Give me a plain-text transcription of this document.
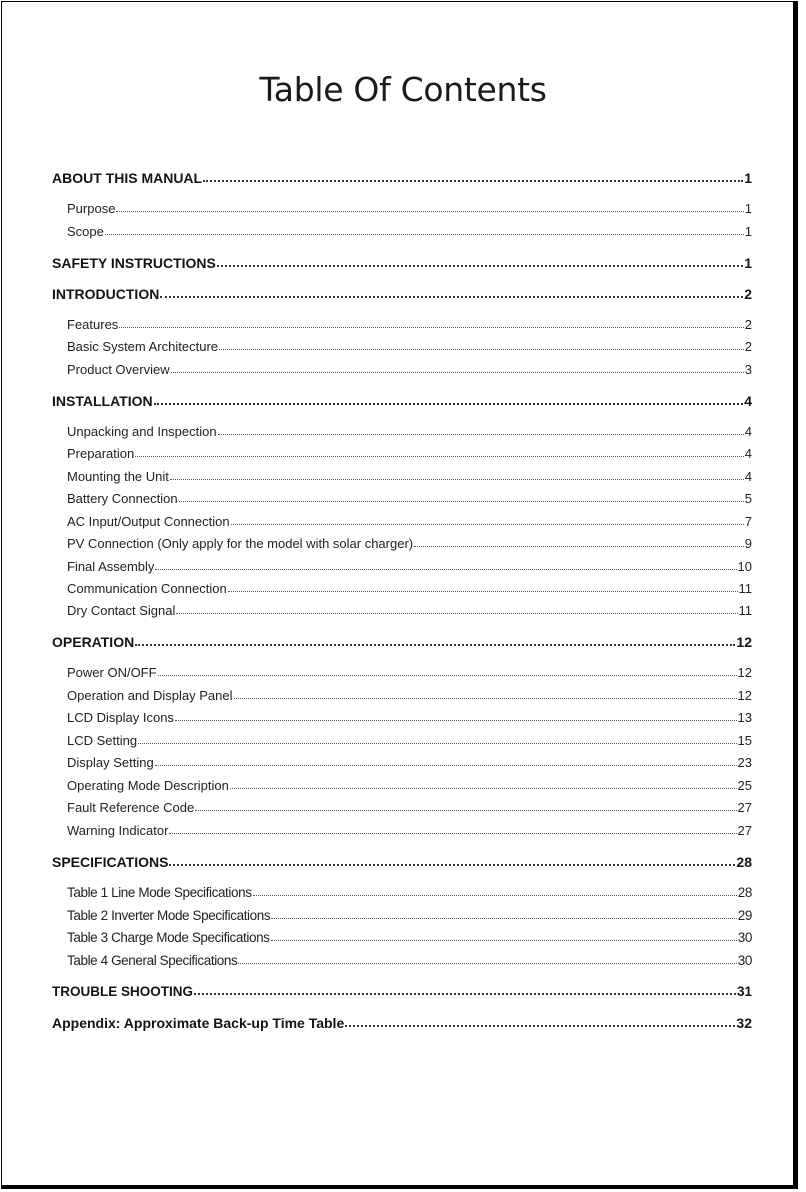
Table Of Contents
ABOUT THIS MANUAL	1
Purpose	1
Scope	1
SAFETY INSTRUCTIONS	1
INTRODUCTION	2
Features	2
Basic System Architecture	2
Product Overview	3
INSTALLATION	4
Unpacking and Inspection	4
Preparation	4
Mounting the Unit	4
Battery Connection	5
AC Input/Output Connection	7
PV Connection (Only apply for the model with solar charger)	9
Final Assembly	10
Communication Connection	11
Dry Contact Signal	11
OPERATION	12
Power ON/OFF	12
Operation and Display Panel	12
LCD Display Icons	13
LCD Setting	15
Display Setting	23
Operating Mode Description	25
Fault Reference Code	27
Warning Indicator	27
SPECIFICATIONS	28
Table 1 Line Mode Specifications	28
Table 2 Inverter Mode Specifications	29
Table 3 Charge Mode Specifications	30
Table 4 General Specifications	30
TROUBLE SHOOTING	31
Appendix: Approximate Back-up Time Table	32
